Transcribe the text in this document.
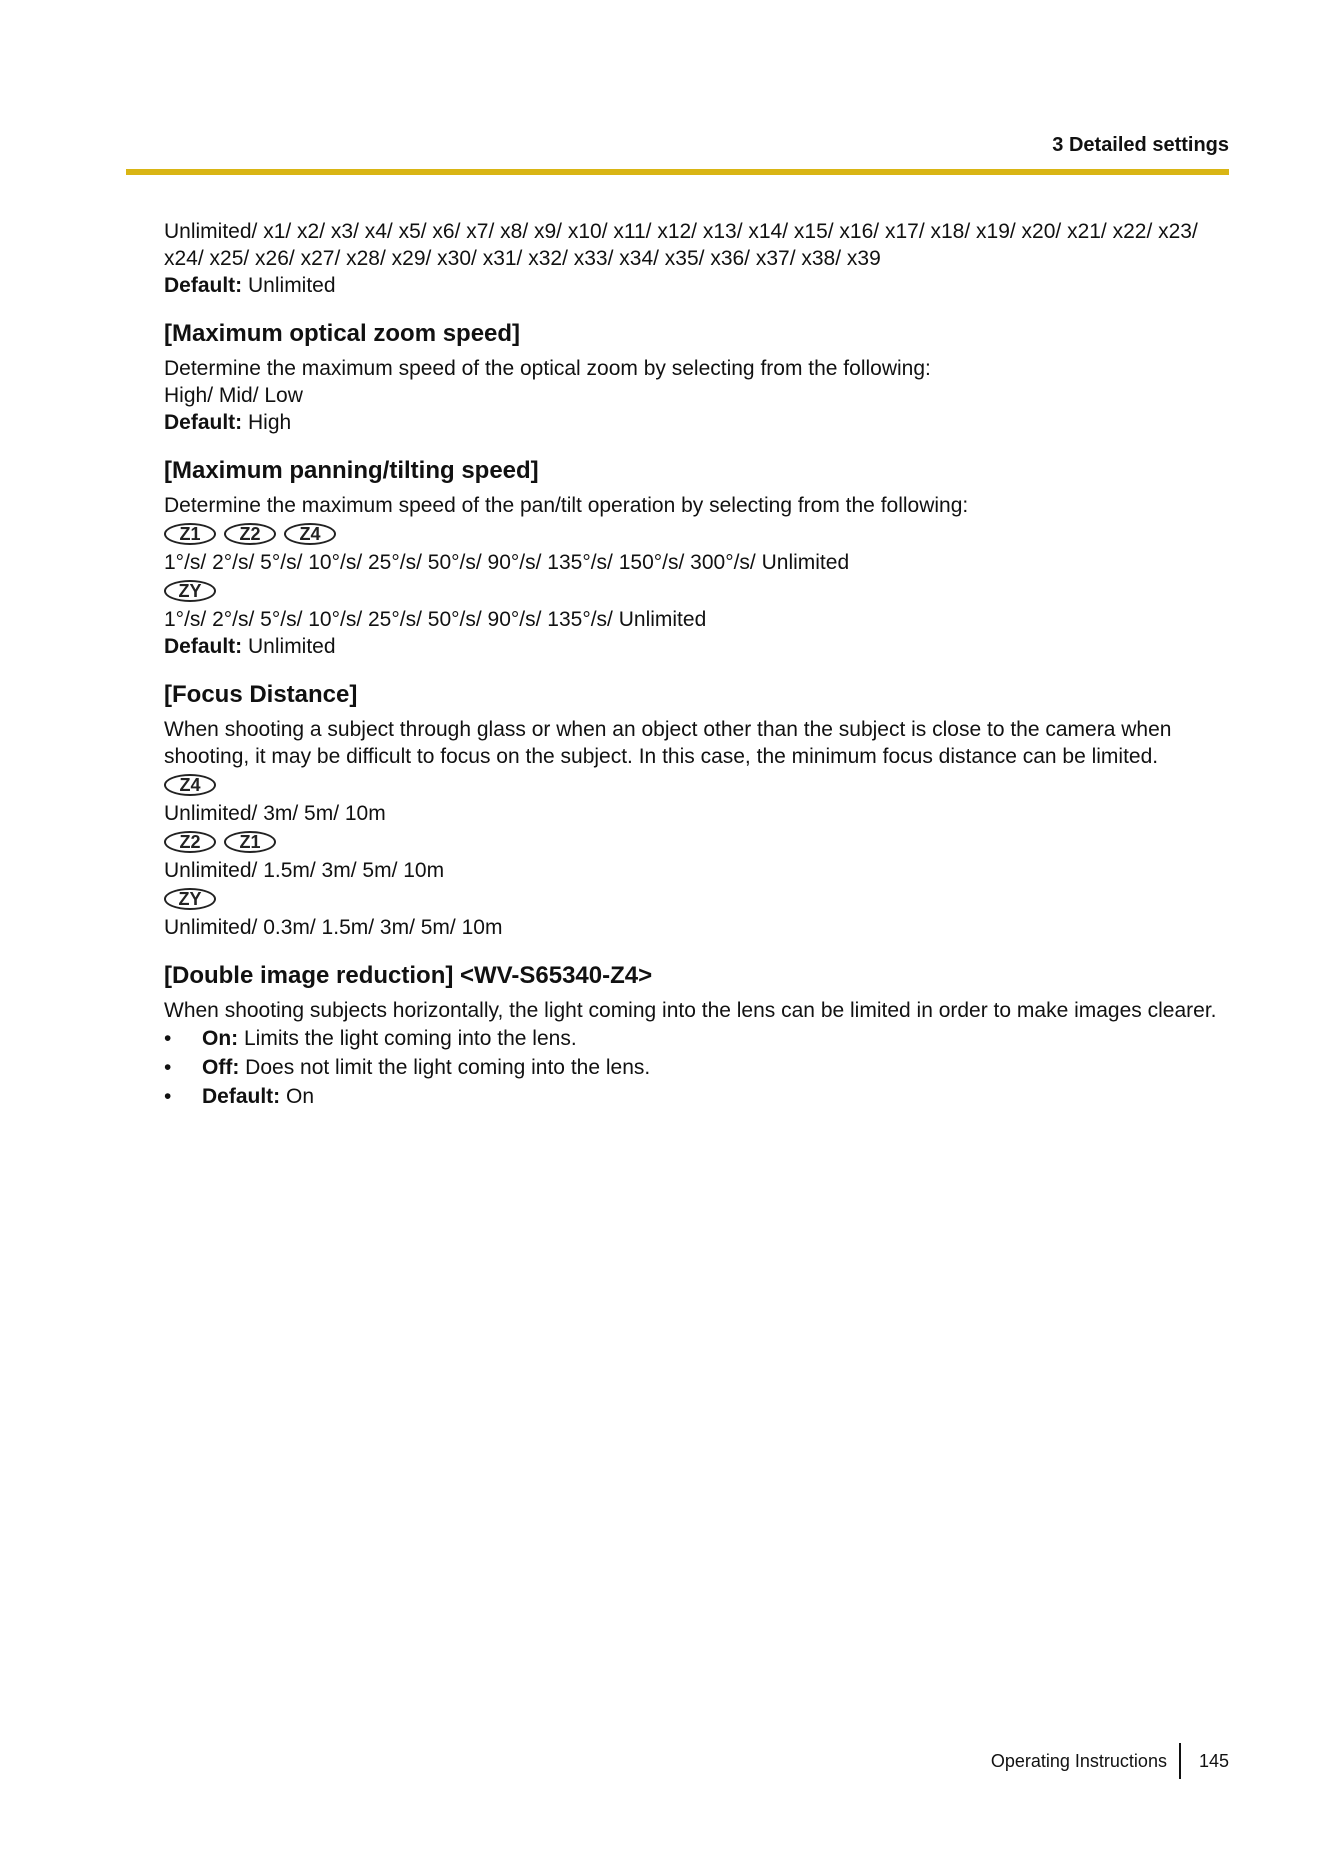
3 Detailed settings

Unlimited/ x1/ x2/ x3/ x4/ x5/ x6/ x7/ x8/ x9/ x10/ x11/ x12/ x13/ x14/ x15/ x16/ x17/ x18/ x19/ x20/ x21/ x22/ x23/ x24/ x25/ x26/ x27/ x28/ x29/ x30/ x31/ x32/ x33/ x34/ x35/ x36/ x37/ x38/ x39

Default: Unlimited

[Maximum optical zoom speed]

Determine the maximum speed of the optical zoom by selecting from the following:

High/ Mid/ Low

Default: High

[Maximum panning/tilting speed]

Determine the maximum speed of the pan/tilt operation by selecting from the following:

Z1	Z2	Z4

1°/s/ 2°/s/ 5°/s/ 10°/s/ 25°/s/ 50°/s/ 90°/s/ 135°/s/ 150°/s/ 300°/s/ Unlimited

ZY

1°/s/ 2°/s/ 5°/s/ 10°/s/ 25°/s/ 50°/s/ 90°/s/ 135°/s/ Unlimited

Default: Unlimited

[Focus Distance]

When shooting a subject through glass or when an object other than the subject is close to the camera when shooting, it may be difficult to focus on the subject. In this case, the minimum focus distance can be limited.

Z4

Unlimited/ 3m/ 5m/ 10m

Z2	Z1

Unlimited/ 1.5m/ 3m/ 5m/ 10m

ZY

Unlimited/ 0.3m/ 1.5m/ 3m/ 5m/ 10m

[Double image reduction] <WV-S65340-Z4>

When shooting subjects horizontally, the light coming into the lens can be limited in order to make images clearer.

• On: Limits the light coming into the lens.
• Off: Does not limit the light coming into the lens.
• Default: On
Operating Instructions 145
